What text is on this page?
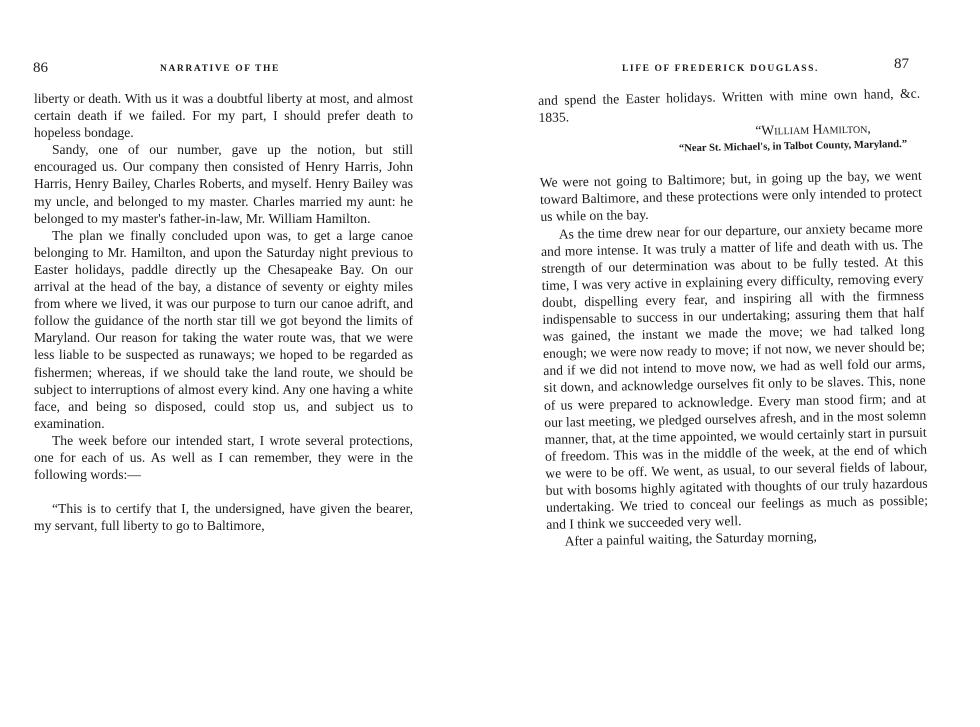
86	NARRATIVE OF THE

liberty or death. With us it was a doubtful liberty at most, and almost certain death if we failed. For my part, I should prefer death to hopeless bondage.

Sandy, one of our number, gave up the notion, but still encouraged us. Our company then consisted of Henry Harris, John Harris, Henry Bailey, Charles Roberts, and myself. Henry Bailey was my uncle, and belonged to my master. Charles married my aunt: he belonged to my master's father-in-law, Mr. William Hamilton.

The plan we finally concluded upon was, to get a large canoe belonging to Mr. Hamilton, and upon the Saturday night previous to Easter holidays, paddle directly up the Chesapeake Bay. On our arrival at the head of the bay, a distance of seventy or eighty miles from where we lived, it was our purpose to turn our canoe adrift, and follow the guidance of the north star till we got beyond the limits of Maryland. Our reason for taking the water route was, that we were less liable to be suspected as runaways; we hoped to be regarded as fishermen; whereas, if we should take the land route, we should be subject to interruptions of almost every kind. Any one having a white face, and being so disposed, could stop us, and subject us to examination.

The week before our intended start, I wrote several protections, one for each of us. As well as I can remember, they were in the following words:—

“This is to certify that I, the undersigned, have given the bearer, my servant, full liberty to go to Baltimore,

LIFE OF FREDERICK DOUGLASS.	87

and spend the Easter holidays. Written with mine own hand, &c. 1835.

“William Hamilton,

“Near St. Michael's, in Talbot County, Maryland.”

We were not going to Baltimore; but, in going up the bay, we went toward Baltimore, and these protections were only intended to protect us while on the bay.

As the time drew near for our departure, our anxiety became more and more intense. It was truly a matter of life and death with us. The strength of our determination was about to be fully tested. At this time, I was very active in explaining every difficulty, removing every doubt, dispelling every fear, and inspiring all with the firmness indispensable to success in our undertaking; assuring them that half was gained, the instant we made the move; we had talked long enough; we were now ready to move; if not now, we never should be; and if we did not intend to move now, we had as well fold our arms, sit down, and acknowledge ourselves fit only to be slaves. This, none of us were prepared to acknowledge. Every man stood firm; and at our last meeting, we pledged ourselves afresh, and in the most solemn manner, that, at the time appointed, we would certainly start in pursuit of freedom. This was in the middle of the week, at the end of which we were to be off. We went, as usual, to our several fields of labour, but with bosoms highly agitated with thoughts of our truly hazardous undertaking. We tried to conceal our feelings as much as possible; and I think we succeeded very well.

After a painful waiting, the Saturday morning,
